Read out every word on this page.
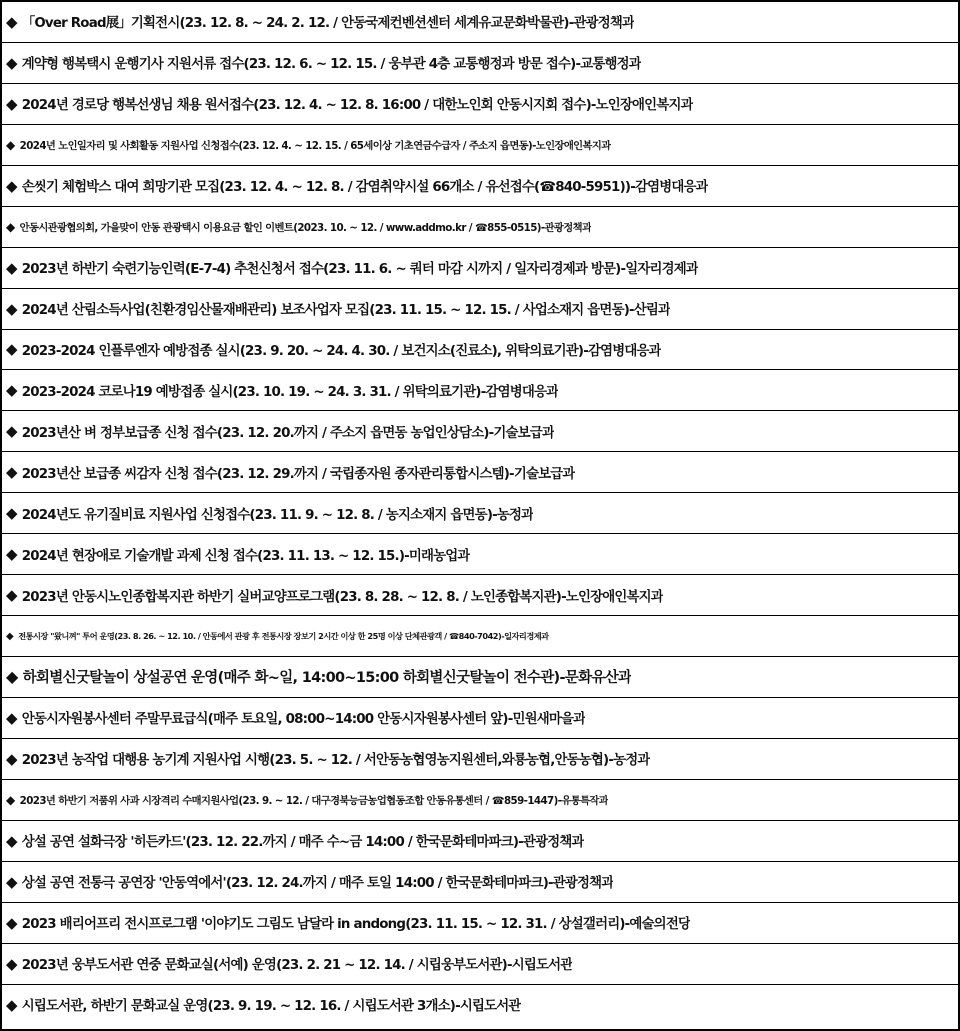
◆ 「Over Road展」기획전시(23. 12. 8. ~ 24. 2. 12. / 안동국제컨벤션센터 세계유교문화박물관)-관광정책과
◆ 계약형 행복택시 운행기사 지원서류 접수(23. 12. 6. ~ 12. 15. / 웅부관 4층 교통행정과 방문 접수)-교통행정과
◆ 2024년 경로당 행복선생님 채용 원서접수(23. 12. 4. ~ 12. 8. 16:00 / 대한노인회 안동시지회 접수)-노인장애인복지과
◆ 2024년 노인일자리 및 사회활동 지원사업 신청접수(23. 12. 4. ~ 12. 15. / 65세이상 기초연금수급자 / 주소지 읍면동)-노인장애인복지과
◆ 손씻기 체험박스 대여 희망기관 모집(23. 12. 4. ~ 12. 8. / 감염취약시설 66개소 / 유선접수(☎840-5951))-감염병대응과
◆ 안동시관광협의회, 가을맞이 안동 관광택시 이용요금 할인 이벤트(2023. 10. ~ 12. / www.addmo.kr / ☎855-0515)-관광정책과
◆ 2023년 하반기 숙련기능인력(E-7-4) 추천신청서 접수(23. 11. 6. ~ 쿼터 마감 시까지 / 일자리경제과 방문)-일자리경제과
◆ 2024년 산림소득사업(친환경임산물재배관리) 보조사업자 모집(23. 11. 15. ~ 12. 15. / 사업소재지 읍면동)-산림과
◆ 2023-2024 인플루엔자 예방접종 실시(23. 9. 20. ~ 24. 4. 30. / 보건지소(진료소), 위탁의료기관)-감염병대응과
◆ 2023-2024 코로나19 예방접종 실시(23. 10. 19. ~ 24. 3. 31. / 위탁의료기관)-감염병대응과
◆ 2023년산 벼 정부보급종 신청 접수(23. 12. 20.까지 / 주소지 읍면동 농업인상담소)-기술보급과
◆ 2023년산 보급종 씨감자 신청 접수(23. 12. 29.까지 / 국립종자원 종자관리통합시스템)-기술보급과
◆ 2024년도 유기질비료 지원사업 신청접수(23. 11. 9. ~ 12. 8. / 농지소재지 읍면동)-농정과
◆ 2024년 현장애로 기술개발 과제 신청 접수(23. 11. 13. ~ 12. 15.)-미래농업과
◆ 2023년 안동시노인종합복지관 하반기 실버교양프로그램(23. 8. 28. ~ 12. 8. / 노인종합복지관)-노인장애인복지과
◆ 전통시장 "왔니껴" 투어 운영(23. 8. 26. ~ 12. 10. / 안동에서 관광 후 전통시장 장보기 2시간 이상 한 25명 이상 단체관광객 / ☎840-7042)-일자리경제과
◆ 하회별신굿탈놀이 상설공연 운영(매주 화~일, 14:00~15:00 하회별신굿탈놀이 전수관)-문화유산과
◆ 안동시자원봉사센터 주말무료급식(매주 토요일, 08:00~14:00 안동시자원봉사센터 앞)-민원새마을과
◆ 2023년 농작업 대행용 농기계 지원사업 시행(23. 5. ~ 12. / 서안동농협영농지원센터,와룡농협,안동농협)-농정과
◆ 2023년 하반기 저품위 사과 시장격리 수매지원사업(23. 9. ~ 12. / 대구경북능금농업협동조합 안동유통센터 / ☎859-1447)-유통특작과
◆ 상설 공연 설화극장 '히든카드'(23. 12. 22.까지 / 매주 수~금 14:00 / 한국문화테마파크)-관광정책과
◆ 상설 공연 전통극 공연장 '안동역에서'(23. 12. 24.까지 / 매주 토일 14:00 / 한국문화테마파크)-관광정책과
◆ 2023 배리어프리 전시프로그램 '이야기도 그림도 남달라 in andong(23. 11. 15. ~ 12. 31. / 상설갤러리)-예술의전당
◆ 2023년 웅부도서관 연중 문화교실(서예) 운영(23. 2. 21 ~ 12. 14. / 시립웅부도서관)-시립도서관
◆ 시립도서관, 하반기 문화교실 운영(23. 9. 19. ~ 12. 16. / 시립도서관 3개소)-시립도서관
